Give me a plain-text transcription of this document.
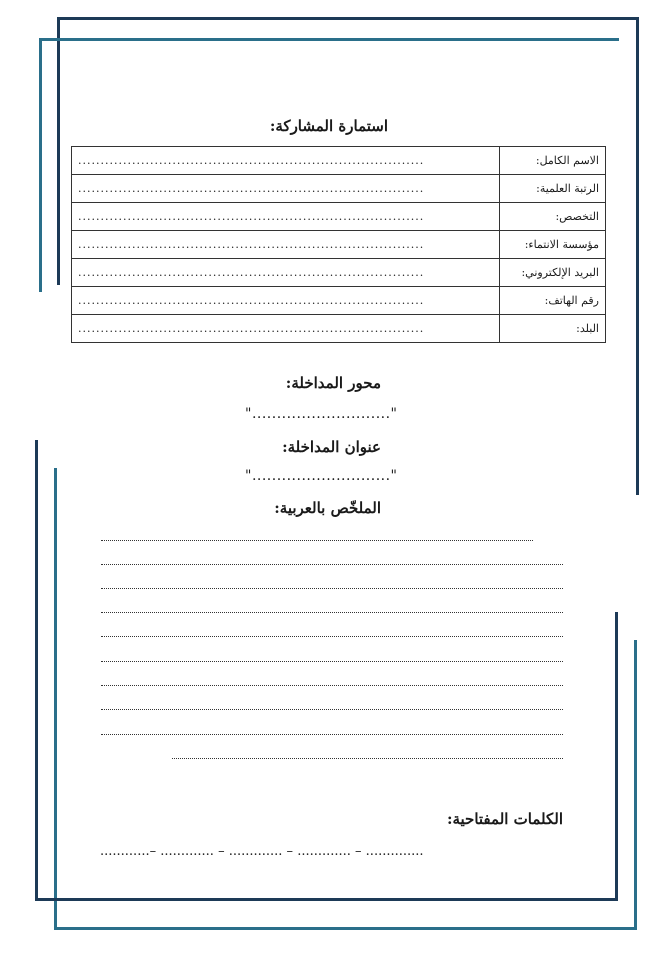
استمارة المشاركة:
الاسم الكامل:	.............................................................................
الرتبة العلمية:	.............................................................................
التخصص:	.............................................................................
مؤسسة الانتماء:	.............................................................................
البريد الإلكتروني:	.............................................................................
رقم الهاتف:	.............................................................................
البلد:	.............................................................................
محور المداخلة:
"............................"
عنوان المداخلة:
"............................"
الملخّص بالعربية:
الكلمات المفتاحية:
............– ............. – ............. – ............. – ..............
